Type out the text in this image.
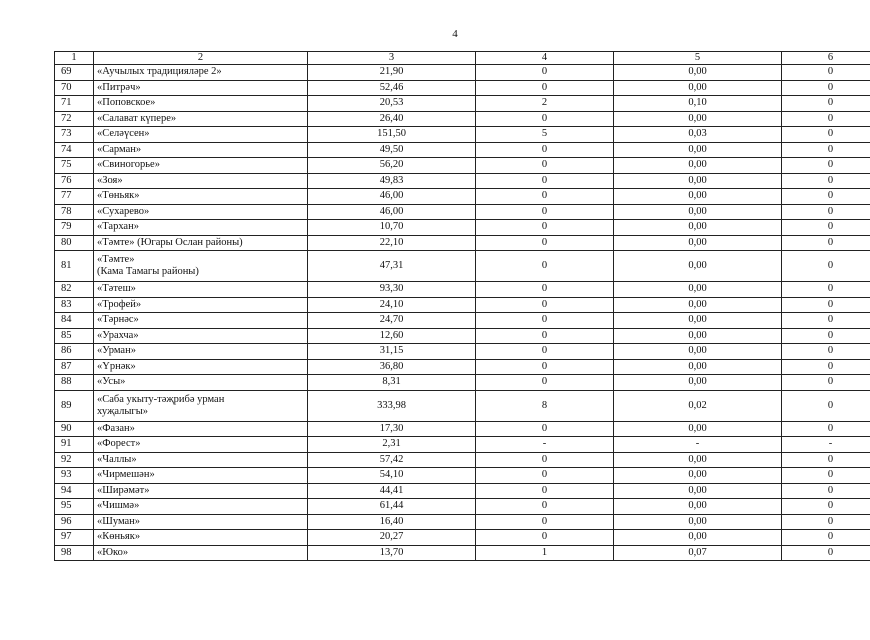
4
1	2	3	4	5	6
69	«Аучылых традицияләре 2»	21,90	0	0,00	0
70	«Питрәч»	52,46	0	0,00	0
71	«Поповское»	20,53	2	0,10	0
72	«Салават күпере»	26,40	0	0,00	0
73	«Селәүсен»	151,50	5	0,03	0
74	«Сарман»	49,50	0	0,00	0
75	«Свиногорье»	56,20	0	0,00	0
76	«Зоя»	49,83	0	0,00	0
77	«Төньяк»	46,00	0	0,00	0
78	«Сухарево»	46,00	0	0,00	0
79	«Тархан»	10,70	0	0,00	0
80	«Тәмте» (Югары Ослан районы)	22,10	0	0,00	0
81	«Тәмте»
(Кама Тамагы районы)	47,31	0	0,00	0
82	«Тәтеш»	93,30	0	0,00	0
83	«Трофей»	24,10	0	0,00	0
84	«Тәрнәс»	24,70	0	0,00	0
85	«Урахча»	12,60	0	0,00	0
86	«Урман»	31,15	0	0,00	0
87	«Үрнәк»	36,80	0	0,00	0
88	«Усы»	8,31	0	0,00	0
89	«Саба укыту-тәҗрибә урман
хуҗалыгы»	333,98	8	0,02	0
90	«Фазан»	17,30	0	0,00	0
91	«Форест»	2,31	-	-	-
92	«Чаллы»	57,42	0	0,00	0
93	«Чирмешән»	54,10	0	0,00	0
94	«Ширәмәт»	44,41	0	0,00	0
95	«Чишмә»	61,44	0	0,00	0
96	«Шуман»	16,40	0	0,00	0
97	«Көньяк»	20,27	0	0,00	0
98	«Юко»	13,70	1	0,07	0
